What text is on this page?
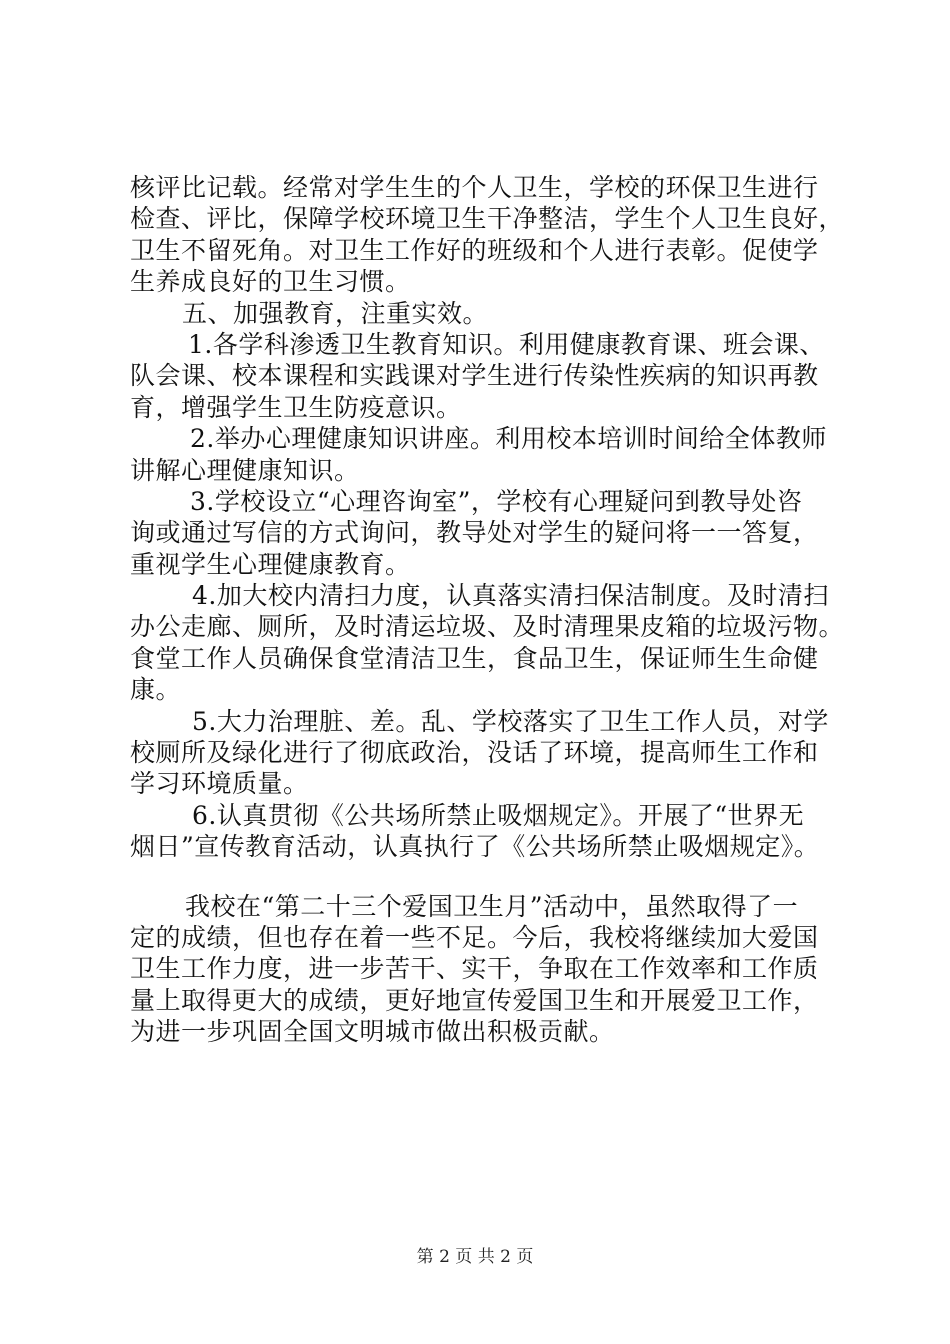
核评比记载。经常对学生生的个人卫生，学校的环保卫生进行
检查、评比，保障学校环境卫生干净整洁，学生个人卫生良好，
卫生不留死角。对卫生工作好的班级和个人进行表彰。促使学
生养成良好的卫生习惯。
五、加强教育，注重实效。
1.各学科渗透卫生教育知识。利用健康教育课、班会课、
队会课、校本课程和实践课对学生进行传染性疾病的知识再教
育，增强学生卫生防疫意识。
2.举办心理健康知识讲座。利用校本培训时间给全体教师
讲解心理健康知识。
3.学校设立“心理咨询室”，学校有心理疑问到教导处咨
询或通过写信的方式询问，教导处对学生的疑问将一一答复，
重视学生心理健康教育。
4.加大校内清扫力度，认真落实清扫保洁制度。及时清扫
办公走廊、厕所，及时清运垃圾、及时清理果皮箱的垃圾污物。
食堂工作人员确保食堂清洁卫生，食品卫生，保证师生生命健
康。
5.大力治理脏、差。乱、学校落实了卫生工作人员，对学
校厕所及绿化进行了彻底政治，没话了环境，提高师生工作和
学习环境质量。
6.认真贯彻《公共场所禁止吸烟规定》。开展了“世界无
烟日”宣传教育活动，认真执行了《公共场所禁止吸烟规定》。
我校在“第二十三个爱国卫生月”活动中，虽然取得了一
定的成绩，但也存在着一些不足。今后，我校将继续加大爱国
卫生工作力度，进一步苦干、实干，争取在工作效率和工作质
量上取得更大的成绩，更好地宣传爱国卫生和开展爱卫工作，
为进一步巩固全国文明城市做出积极贡献。
第 2 页 共 2 页
